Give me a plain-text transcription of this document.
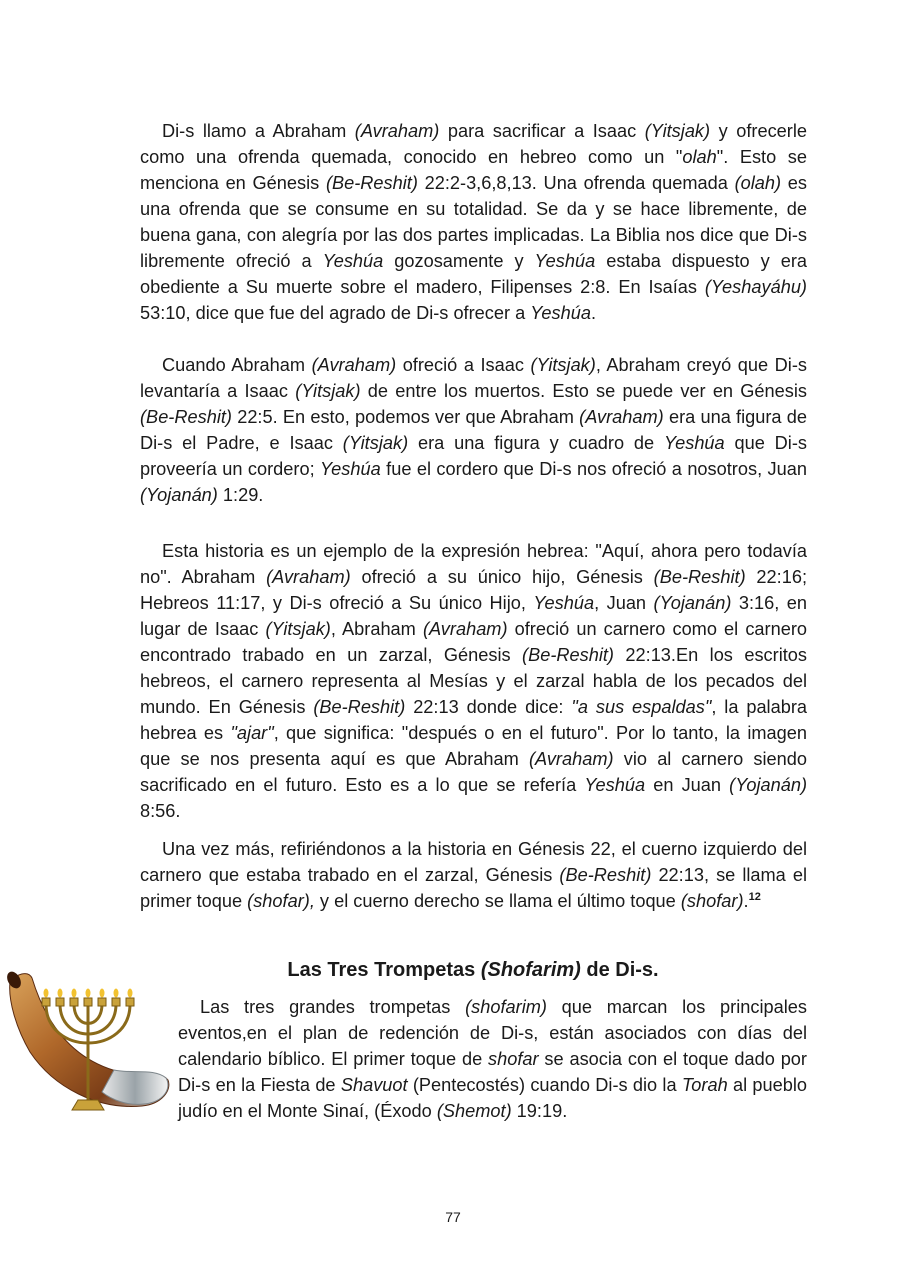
Di-s llamo a Abraham (Avraham) para sacrificar a Isaac (Yitsjak) y ofrecerle como una ofrenda quemada, conocido en hebreo como un "olah". Esto se menciona en Génesis (Be-Reshit) 22:2-3,6,8,13. Una ofrenda quemada (olah) es una ofrenda que se consume en su totalidad. Se da y se hace libremente, de buena gana, con alegría por las dos partes implicadas. La Biblia nos dice que Di-s libremente ofreció a Yeshúa gozosamente y Yeshúa estaba dispuesto y era obediente a Su muerte sobre el madero, Filipenses 2:8. En Isaías (Yeshayáhu) 53:10, dice que fue del agrado de Di-s ofrecer a Yeshúa.

Cuando Abraham (Avraham) ofreció a Isaac (Yitsjak), Abraham creyó que Di-s levantaría a Isaac (Yitsjak) de entre los muertos. Esto se puede ver en Génesis (Be-Reshit) 22:5. En esto, podemos ver que Abraham (Avraham) era una figura de Di-s el Padre, e Isaac (Yitsjak) era una figura y cuadro de Yeshúa que Di-s proveería un cordero; Yeshúa fue el cordero que Di-s nos ofreció a nosotros, Juan (Yojanán) 1:29.

Esta historia es un ejemplo de la expresión hebrea: "Aquí, ahora pero todavía no". Abraham (Avraham) ofreció a su único hijo, Génesis (Be-Reshit) 22:16; Hebreos 11:17, y Di-s ofreció a Su único Hijo, Yeshúa, Juan (Yojanán) 3:16, en lugar de Isaac (Yitsjak), Abraham (Avraham) ofreció un carnero como el carnero encontrado trabado en un zarzal, Génesis (Be-Reshit) 22:13.En los escritos hebreos, el carnero representa al Mesías y el zarzal habla de los pecados del mundo. En Génesis (Be-Reshit) 22:13 donde dice: "a sus espaldas", la palabra hebrea es "ajar", que significa: "después o en el futuro". Por lo tanto, la imagen que se nos presenta aquí es que Abraham (Avraham) vio al carnero siendo sacrificado en el futuro. Esto es a lo que se refería Yeshúa en Juan (Yojanán) 8:56.

Una vez más, refiriéndonos a la historia en Génesis 22, el cuerno izquierdo del carnero que estaba trabado en el zarzal, Génesis (Be-Reshit) 22:13, se llama el primer toque (shofar), y el cuerno derecho se llama el último toque (shofar).$^{12}$

Las Tres Trompetas (Shofarim) de Di-s.

Las tres grandes trompetas (shofarim) que marcan los principales eventos,en el plan de redención de Di-s, están asociados con días del calendario bíblico. El primer toque de shofar se asocia con el toque dado por Di-s en la Fiesta de Shavuot (Pentecostés) cuando Di-s dio la Torah al pueblo judío en el Monte Sinaí, (Éxodo (Shemot) 19:19.

77
